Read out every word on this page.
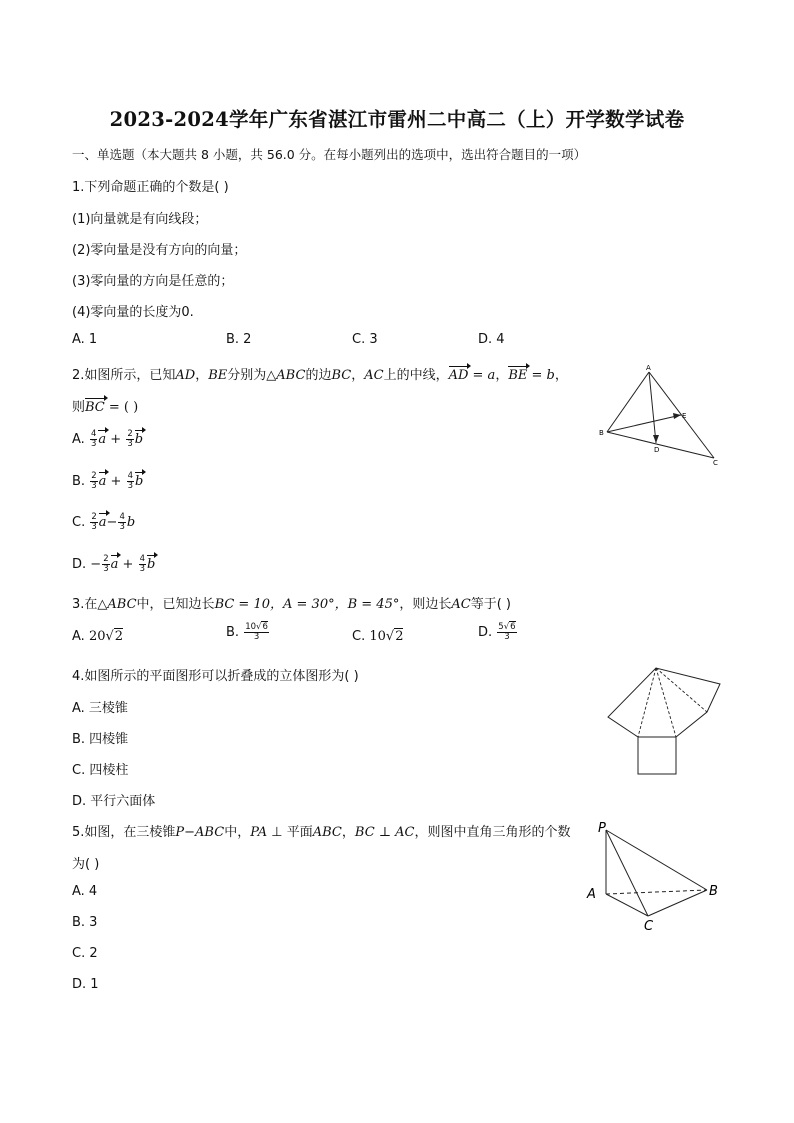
2023-2024学年广东省湛江市雷州二中高二（上）开学数学试卷
一、单选题（本大题共 8 小题，共 56.0 分。在每小题列出的选项中，选出符合题目的一项）
1.下列命题正确的个数是( )
(1)向量就是有向线段；
(2)零向量是没有方向的向量；
(3)零向量的方向是任意的；
(4)零向量的长度为0.
A. 1	B. 2	C. 3	D. 4
2.如图所示，已知AD，BE分别为△ABC的边BC，AC上的中线，AD = a，BE = b，
则BC = ( )
A. $\frac{4}{3}$ $a + \frac{2}{3}$ b
B. $\frac{2}{3}$ $a + \frac{4}{3}$ b
C. $\frac{2}{3} a- \frac{4}{3}$ b
D. − $\frac{2}{3}$ $a + \frac{4}{3}$ b
A
B
E
D
C
3.在△ABC中，已知边长BC = 10，A = 30°，B = 45°，则边长AC等于( )
A. 20√2	B. $\frac{10√6}{3}$	C. 10√2	D. $\frac{5√6}{3}$
4.如图所示的平面图形可以折叠成的立体图形为( )
A. 三棱锥
B. 四棱锥
C. 四棱柱
D. 平行六面体
5.如图，在三棱锥P−ABC中，PA ⊥ 平面ABC，BC ⊥ AC，则图中直角三角形的个数
为( )
A. 4
B. 3
C. 2
D. 1
P
A	B
C
